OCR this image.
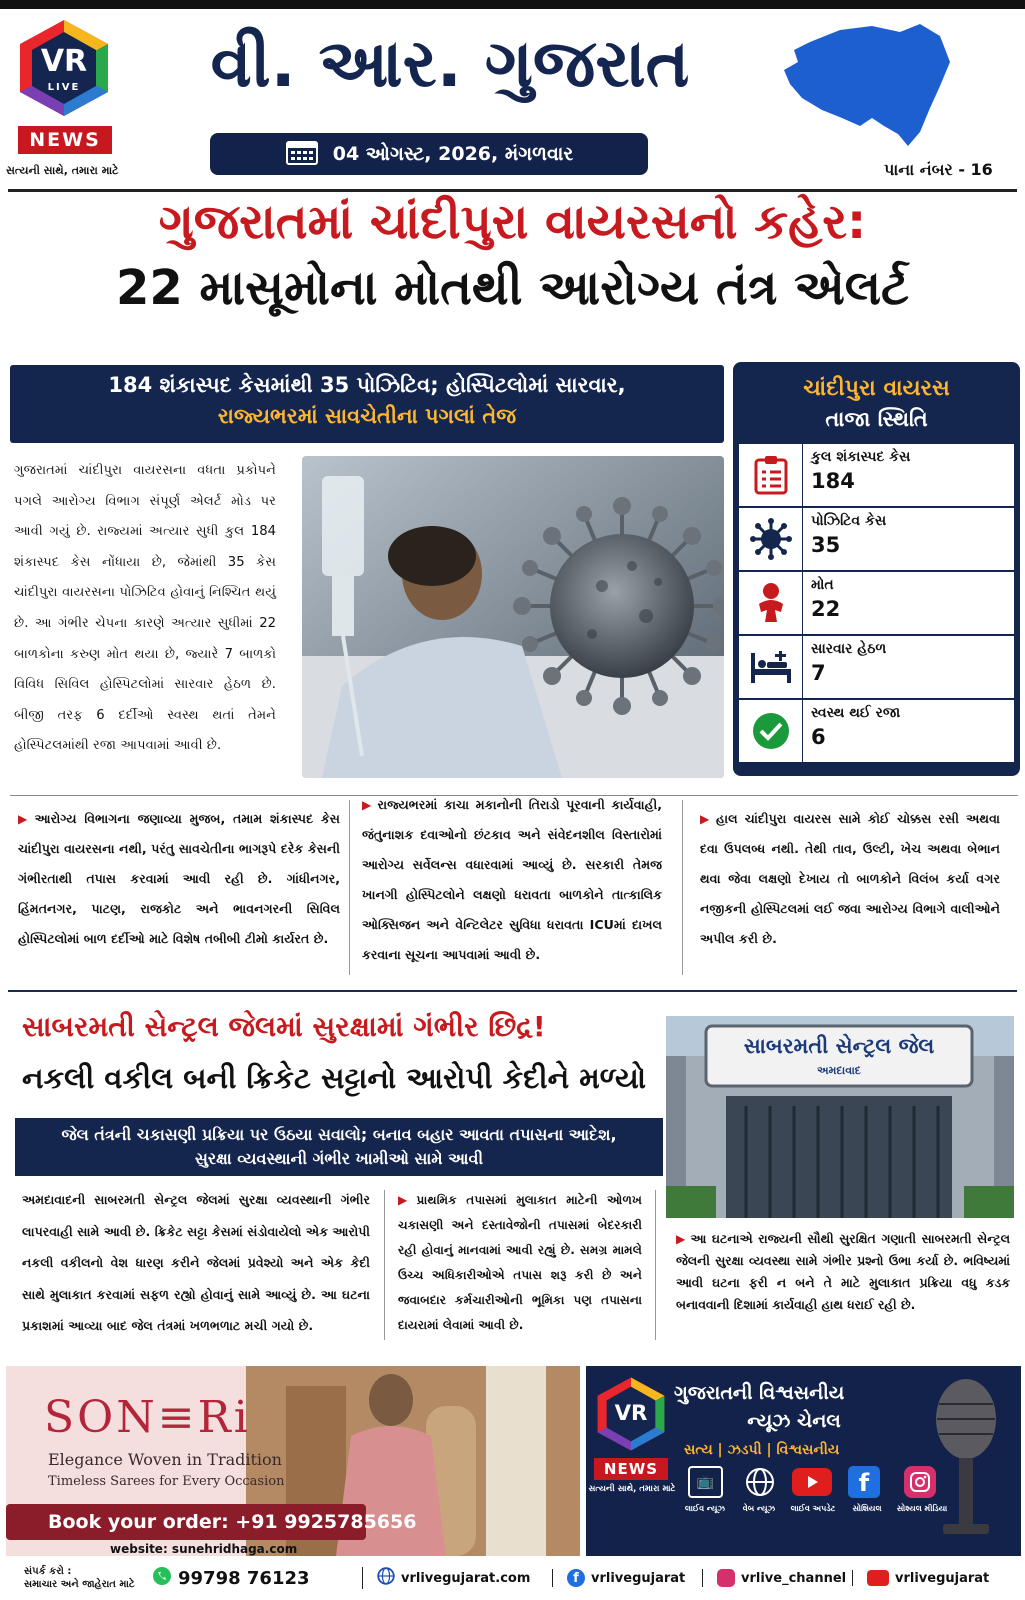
VR
LIVE
NEWS
સત્યની સાથે, તમારા માટે
વી. આર. ગુજરાત
04 ઓગસ્ટ, 2026, મંગળવાર
પાના નંબર - 16
ગુજરાતમાં ચાંદીપુરા વાયરસનો કહેર:
22 માસૂમોના મોતથી આરોગ્ય તંત્ર એલર્ટ
184 શંકાસ્પદ કેસમાંથી 35 પોઝિટિવ; હોસ્પિટલોમાં સારવાર,
રાજ્યભરમાં સાવચેતીના પગલાં તેજ
ગુજરાતમાં ચાંદીપુરા વાયરસના વધતા પ્રકોપને પગલે આરોગ્ય વિભાગ સંપૂર્ણ એલર્ટ મોડ પર આવી ગયું છે. રાજ્યમાં અત્યાર સુધી કુલ 184 શંકાસ્પદ કેસ નોંધાયા છે, જેમાંથી 35 કેસ ચાંદીપુરા વાયરસના પોઝિટિવ હોવાનું નિશ્ચિત થયું છે. આ ગંભીર ચેપના કારણે અત્યાર સુધીમાં 22 બાળકોના કરુણ મોત થયા છે, જ્યારે 7 બાળકો વિવિધ સિવિલ હોસ્પિટલોમાં સારવાર હેઠળ છે. બીજી તરફ 6 દર્દીઓ સ્વસ્થ થતાં તેમને હોસ્પિટલમાંથી રજા આપવામાં આવી છે.
ચાંદીપુરા વાયરસ
તાજા સ્થિતિ
કુલ શંકાસ્પદ કેસ
184
પોઝિટિવ કેસ
35
મોત
22
સારવાર હેઠળ
7
સ્વસ્થ થઈ રજા
6
▶ આરોગ્ય વિભાગના જણાવ્યા મુજબ, તમામ શંકાસ્પદ કેસ ચાંદીપુરા વાયરસના નથી, પરંતુ સાવચેતીના ભાગરૂપે દરેક કેસની ગંભીરતાથી તપાસ કરવામાં આવી રહી છે. ગાંધીનગર, હિંમતનગર, પાટણ, રાજકોટ અને ભાવનગરની સિવિલ હોસ્પિટલોમાં બાળ દર્દીઓ માટે વિશેષ તબીબી ટીમો કાર્યરત છે.
▶ રાજ્યભરમાં કાચા મકાનોની તિરાડો પૂરવાની કાર્યવાહી, જંતુનાશક દવાઓનો છંટકાવ અને સંવેદનશીલ વિસ્તારોમાં આરોગ્ય સર્વેલન્સ વધારવામાં આવ્યું છે. સરકારી તેમજ ખાનગી હોસ્પિટલોને લક્ષણો ધરાવતા બાળકોને તાત્કાલિક ઓક્સિજન અને વેન્ટિલેટર સુવિધા ધરાવતા ICUમાં દાખલ કરવાના સૂચના આપવામાં આવી છે.
▶ હાલ ચાંદીપુરા વાયરસ સામે કોઈ ચોક્કસ રસી અથવા દવા ઉપલબ્ધ નથી. તેથી તાવ, ઉલ્ટી, ખેચ અથવા બેભાન થવા જેવા લક્ષણો દેખાય તો બાળકોને વિલંબ કર્યા વગર નજીકની હોસ્પિટલમાં લઈ જવા આરોગ્ય વિભાગે વાલીઓને અપીલ કરી છે.
સાબરમતી સેન્ટ્રલ જેલમાં સુરક્ષામાં ગંભીર છિદ્ર!
નકલી વકીલ બની ક્રિકેટ સટ્ટાનો આરોપી કેદીને મળ્યો
જેલ તંત્રની ચકાસણી પ્રક્રિયા પર ઉઠયા સવાલો; બનાવ બહાર આવતા તપાસના આદેશ,
સુરક્ષા વ્યવસ્થાની ગંભીર ખામીઓ સામે આવી
સાબરમતી સેન્ટ્રલ જેલ
અમદાવાદ
અમદાવાદની સાબરમતી સેન્ટ્રલ જેલમાં સુરક્ષા વ્યવસ્થાની ગંભીર લાપરવાહી સામે આવી છે. ક્રિકેટ સટ્ટા કેસમાં સંડોવાયેલો એક આરોપી નકલી વકીલનો વેશ ધારણ કરીને જેલમાં પ્રવેશ્યો અને એક કેદી સાથે મુલાકાત કરવામાં સફળ રહ્યો હોવાનું સામે આવ્યું છે. આ ઘટના પ્રકાશમાં આવ્યા બાદ જેલ તંત્રમાં ખળભળાટ મચી ગયો છે.
▶ પ્રાથમિક તપાસમાં મુલાકાત માટેની ઓળખ ચકાસણી અને દસ્તાવેજોની તપાસમાં બેદરકારી રહી હોવાનું માનવામાં આવી રહ્યું છે. સમગ્ર મામલે ઉચ્ચ અધિકારીઓએ તપાસ શરૂ કરી છે અને જવાબદાર કર્મચારીઓની ભૂમિકા પણ તપાસના દાયરામાં લેવામાં આવી છે.
▶ આ ઘટનાએ રાજ્યની સૌથી સુરક્ષિત ગણાતી સાબરમતી સેન્ટ્રલ જેલની સુરક્ષા વ્યવસ્થા સામે ગંભીર પ્રશ્નો ઉભા કર્યા છે. ભવિષ્યમાં આવી ઘટના ફરી ન બને તે માટે મુલાકાત પ્રક્રિયા વધુ કડક બનાવવાની દિશામાં કાર્યવાહી હાથ ધરાઈ રહી છે.
SON≡Ri
Elegance Woven in Tradition
Timeless Sarees for Every Occasion
Book your order: +91 9925785656
website: sunehridhaga.com
VR
NEWS
સત્યની સાથે, તમારા માટે
ગુજરાતની વિશ્વસનીય
ન્યૂઝ ચેનલ
સત્ય | ઝડપી | વિશ્વસનીય
📺	f
લાઈવ ન્યૂઝ	વેબ ન્યૂઝ	લાઈવ અપડેટ	સોશિયલ	સોશ્યલ મીડિયા
સંપર્ક કરો :
સમાચાર અને જાહેરાત માટે	99798 76123	vrlivegujarat.com	f vrlivegujarat	vrlive_channel	vrlivegujarat
